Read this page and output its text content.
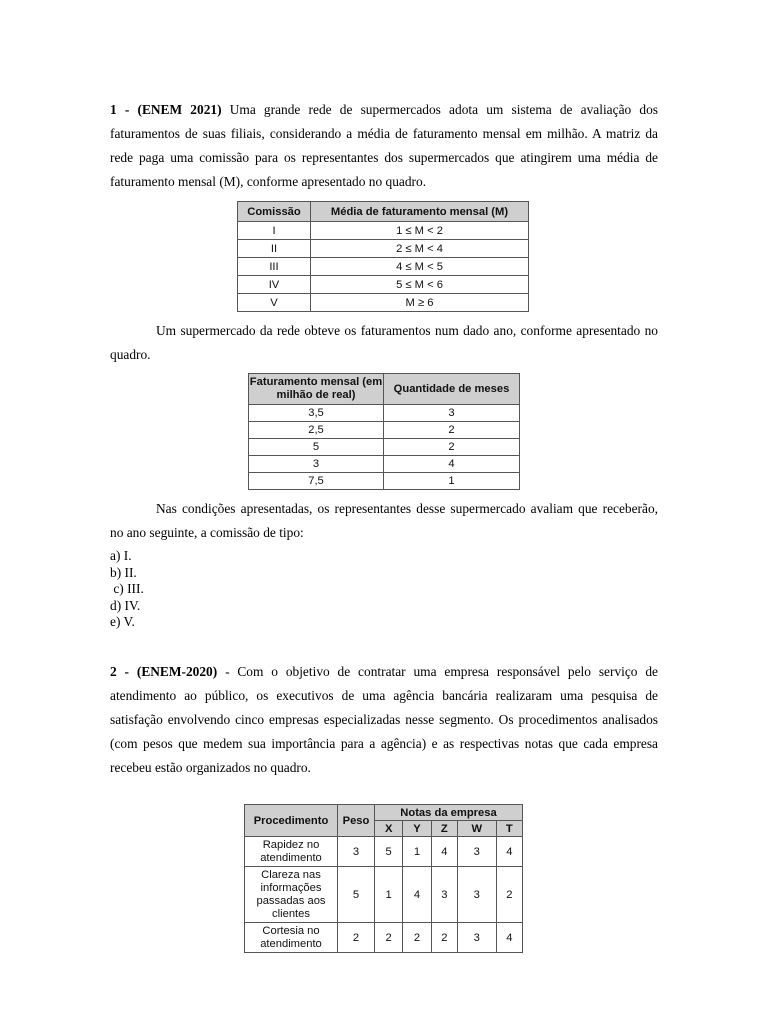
1 - (ENEM 2021) Uma grande rede de supermercados adota um sistema de avaliação dos faturamentos de suas filiais, considerando a média de faturamento mensal em milhão. A matriz da rede paga uma comissão para os representantes dos supermercados que atingirem uma média de faturamento mensal (M), conforme apresentado no quadro.

Comissão	Média de faturamento mensal (M)
I	1 ≤ M < 2
II	2 ≤ M < 4
III	4 ≤ M < 5
IV	5 ≤ M < 6
V	M ≥ 6

Um supermercado da rede obteve os faturamentos num dado ano, conforme apresentado no quadro.

Faturamento mensal (em milhão de real)	Quantidade de meses
3,5	3
2,5	2
5	2
3	4
7,5	1

Nas condições apresentadas, os representantes desse supermercado avaliam que receberão, no ano seguinte, a comissão de tipo:

a) I.
b) II.
c) III.
d) IV.
e) V.

2 - (ENEM-2020) - Com o objetivo de contratar uma empresa responsável pelo serviço de atendimento ao público, os executivos de uma agência bancária realizaram uma pesquisa de satisfação envolvendo cinco empresas especializadas nesse segmento. Os procedimentos analisados (com pesos que medem sua importância para a agência) e as respectivas notas que cada empresa recebeu estão organizados no quadro.

Procedimento	Peso	Notas da empresa				
		X	Y	Z	W	T
Rapidez no atendimento	3	5	1	4	3	4
Clareza nas informações passadas aos clientes	5	1	4	3	3	2
Cortesia no atendimento	2	2	2	2	3	4
